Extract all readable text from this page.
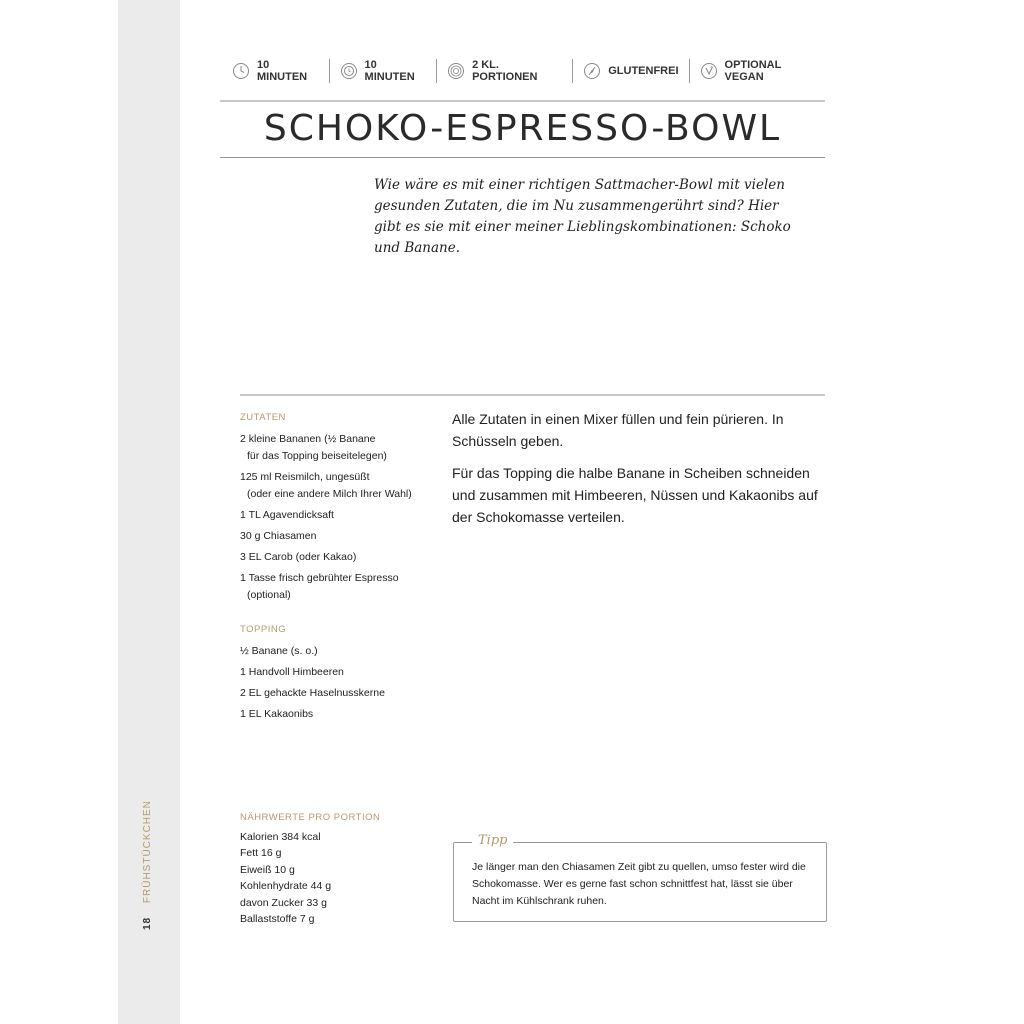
18 FRÜHSTÜCKCHEN
10 MINUTEN
10 MINUTEN
2 KL. PORTIONEN	GLUTENFREI	OPTIONAL VEGAN
SCHOKO-ESPRESSO-BOWL

Wie wäre es mit einer richtigen Sattmacher-Bowl mit vielen gesunden Zutaten, die im Nu zusammengerührt sind? Hier gibt es sie mit einer meiner Lieblingskombinationen: Schoko und Banane.

ZUTATEN
2 kleine Bananen (½ Banane
für das Topping beiseitelegen)
125 ml Reismilch, ungesüßt
(oder eine andere Milch Ihrer Wahl)
1 TL Agavendicksaft
30 g Chiasamen
3 EL Carob (oder Kakao)
1 Tasse frisch gebrühter Espresso
(optional)
TOPPING
½ Banane (s. o.)
1 Handvoll Himbeeren
2 EL gehackte Haselnusskerne
1 EL Kakaonibs

Alle Zutaten in einen Mixer füllen und fein pürieren. In Schüsseln geben.

Für das Topping die halbe Banane in Scheiben schneiden und zusammen mit Himbeeren, Nüssen und Kakaonibs auf der Schokomasse verteilen.

NÄHRWERTE PRO PORTION
Kalorien 384 kcal
Fett 16 g
Eiweiß 10 g
Kohlenhydrate 44 g
davon Zucker 33 g
Ballaststoffe 7 g
Tipp
Je länger man den Chiasamen Zeit gibt zu quellen, umso fester wird die Schokomasse. Wer es gerne fast schon schnittfest hat, lässt sie über Nacht im Kühlschrank ruhen.
